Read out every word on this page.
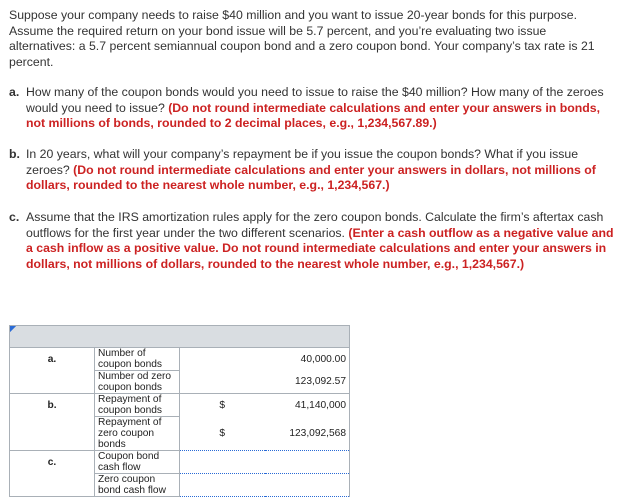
Suppose your company needs to raise $40 million and you want to issue 20-year bonds for this purpose. Assume the required return on your bond issue will be 5.7 percent, and you’re evaluating two issue alternatives: a 5.7 percent semiannual coupon bond and a zero coupon bond. Your company’s tax rate is 21 percent.

a. How many of the coupon bonds would you need to issue to raise the $40 million? How many of the zeroes would you need to issue? (Do not round intermediate calculations and enter your answers in bonds, not millions of bonds, rounded to 2 decimal places, e.g., 1,234,567.89.)
b. In 20 years, what will your company’s repayment be if you issue the coupon bonds? What if you issue zeroes? (Do not round intermediate calculations and enter your answers in dollars, not millions of dollars, rounded to the nearest whole number, e.g., 1,234,567.)
c. Assume that the IRS amortization rules apply for the zero coupon bonds. Calculate the firm’s aftertax cash outflows for the first year under the two different scenarios. (Enter a cash outflow as a negative value and a cash inflow as a positive value. Do not round intermediate calculations and enter your answers in dollars, not millions of dollars, rounded to the nearest whole number, e.g., 1,234,567.)

a.	Number of coupon bonds		40,000.00
	Number od zero coupon bonds		123,092.57
b.	Repayment of coupon bonds	$	41,140,000
	Repayment of zero coupon bonds	$	123,092,568
c.	Coupon bond cash flow		
	Zero coupon bond cash flow		
